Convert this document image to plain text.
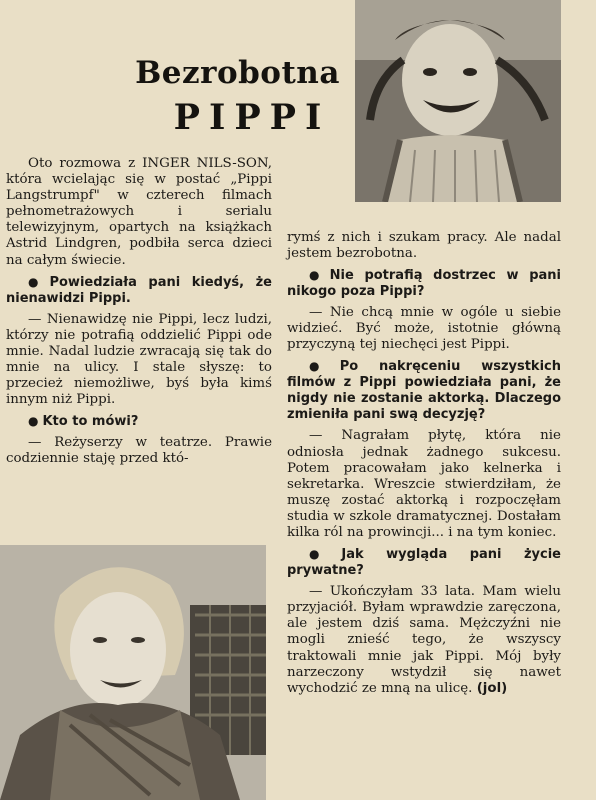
Bezrobotna
PIPPI

Oto rozmowa z INGER NILS-SON, która wcielając się w postać „Pippi Langstrumpf" w czterech filmach pełnometrażowych i serialu telewizyjnym, opartych na książkach Astrid Lindgren, podbiła serca dzieci na całym świecie.

● Powiedziała pani kiedyś, że nienawidzi Pippi.

— Nienawidzę nie Pippi, lecz ludzi, którzy nie potrafią oddzielić Pippi ode mnie. Nadal ludzie zwracają się tak do mnie na ulicy. I stale słyszę: to przecież niemożliwe, byś była kimś innym niż Pippi.

● Kto to mówi?

— Reżyserzy w teatrze. Prawie codziennie staję przed któ-

rymś z nich i szukam pracy. Ale nadal jestem bezrobotna.

● Nie potrafią dostrzec w pani nikogo poza Pippi?

— Nie chcą mnie w ogóle u siebie widzieć. Być może, istotnie główną przyczyną tej niechęci jest Pippi.

● Po nakręceniu wszystkich filmów z Pippi powiedziała pani, że nigdy nie zostanie aktorką. Dlaczego zmieniła pani swą decyzję?

— Nagrałam płytę, która nie odniosła jednak żadnego sukcesu. Potem pracowałam jako kelnerka i sekretarka. Wreszcie stwierdziłam, że muszę zostać aktorką i rozpoczęłam studia w szkole dramatycznej. Dostałam kilka ról na prowincji... i na tym koniec.

● Jak wygląda pani życie prywatne?

— Ukończyłam 33 lata. Mam wielu przyjaciół. Byłam wprawdzie zaręczona, ale jestem dziś sama. Mężczyźni nie mogli znieść tego, że wszyscy traktowali mnie jak Pippi. Mój były narzeczony wstydził się nawet wychodzić ze mną na ulicę. (jol)
